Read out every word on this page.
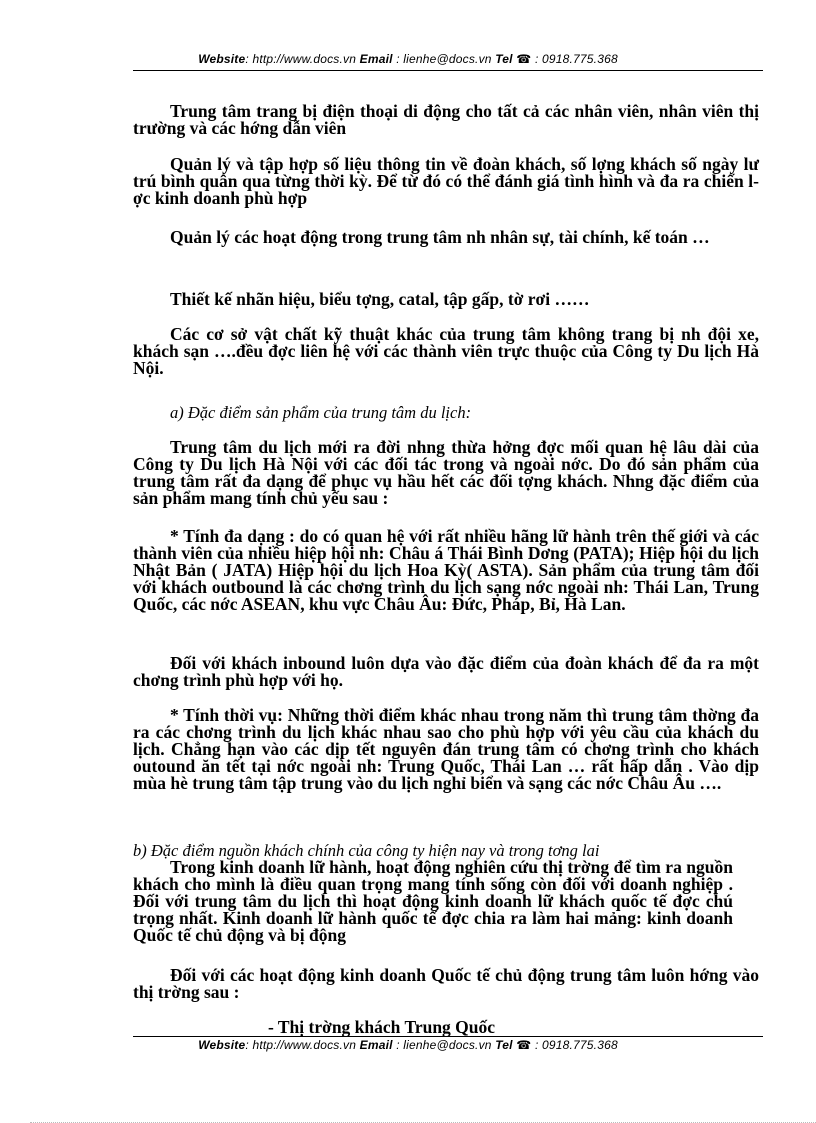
Website: http://www.docs.vn Email : lienhe@docs.vn Tel ☎ : 0918.775.368
Trung tâm trang bị điện thoại di động cho tất cả các nhân viên, nhân viên thị trường và các hớng dẫn viên
Quản lý và tập hợp số liệu thông tin về đoàn khách, số lợng khách số ngày lư trú bình quân qua từng thời kỳ. Để từ đó có thể đánh giá tình hình và đa ra chiến lợc kinh doanh phù hợp
Quản lý các hoạt động trong trung tâm nh nhân sự, tài chính, kế toán …
Thiết kế nhãn hiệu, biểu tợng, catal, tập gấp, tờ rơi ……
Các cơ sở vật chất kỹ thuật khác của trung tâm không trang bị nh đội xe, khách sạn ….đều đợc liên hệ với các thành viên trực thuộc của Công ty Du lịch Hà Nội.
a) Đặc điểm sản phẩm của trung tâm du lịch:
Trung tâm du lịch mới ra đời nhng thừa hởng đợc mối quan hệ lâu dài của Công ty Du lịch Hà Nội với các đối tác trong và ngoài nớc. Do đó sản phẩm của trung tâm rất đa dạng để phục vụ hầu hết các đối tợng khách. Nhng đặc điểm của sản phẩm mang tính chủ yếu sau :
* Tính đa dạng : do có quan hệ với rất nhiều hãng lữ hành trên thế giới và các thành viên của nhiều hiệp hội nh: Châu á Thái Bình Dơng (PATA); Hiệp hội du lịch Nhật Bản ( JATA) Hiệp hội du lịch Hoa Kỳ( ASTA). Sản phẩm của trung tâm đối với khách outbound là các chơng trình du lịch sạng nớc ngoài nh: Thái Lan, Trung Quốc, các nớc ASEAN, khu vực Châu Âu: Đức, Pháp, Bỉ, Hà Lan.
Đối với khách inbound luôn dựa vào đặc điểm của đoàn khách để đa ra một chơng trình phù hợp với họ.
* Tính thời vụ: Những thời điểm khác nhau trong năm thì trung tâm thờng đa ra các chơng trình du lịch khác nhau sao cho phù hợp với yêu cầu của khách du lịch. Chẳng hạn vào các dịp tết nguyên đán trung tâm có chơng trình cho khách outound ăn tết tại nớc ngoài nh: Trung Quốc, Thái Lan … rất hấp dẫn . Vào dịp mùa hè trung tâm tập trung vào du lịch nghỉ biển và sạng các nớc Châu Âu ….
b) Đặc điểm nguồn khách chính của công ty hiện nay và trong tơng lai
Trong kinh doanh lữ hành, hoạt động nghiên cứu thị trờng để tìm ra nguồn khách cho mình là điều quan trọng mang tính sống còn đối với doanh nghiệp . Đối với trung tâm du lịch thì hoạt động kinh doanh lữ khách quốc tế đợc chú trọng nhất. Kinh doanh lữ hành quốc tế đợc chia ra làm hai mảng: kinh doanh Quốc tế chủ động và bị động
Đối với các hoạt động kinh doanh Quốc tế chủ động trung tâm luôn hớng vào thị trờng sau :
- Thị trờng khách Trung Quốc
Website: http://www.docs.vn Email : lienhe@docs.vn Tel ☎ : 0918.775.368
